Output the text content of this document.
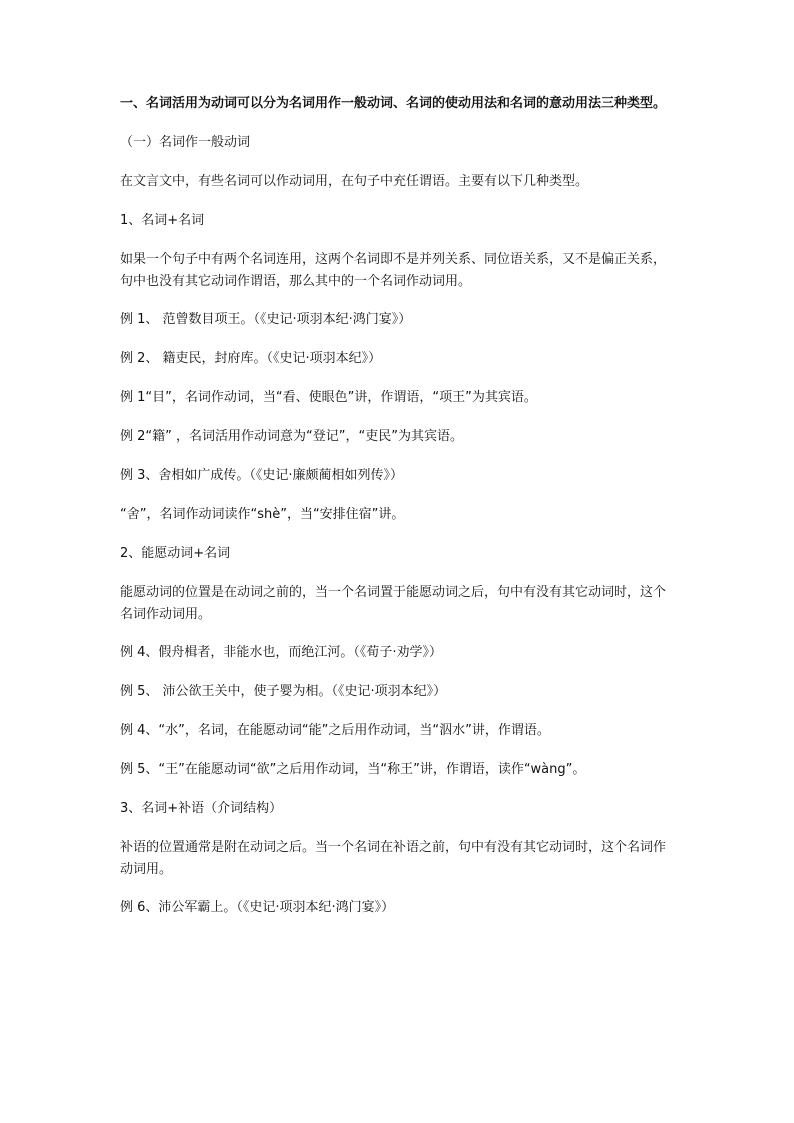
一、名词活用为动词可以分为名词用作一般动词、名词的使动用法和名词的意动用法三种类型。

（一）名词作一般动词

在文言文中，有些名词可以作动词用，在句子中充任谓语。主要有以下几种类型。

1、名词+名词

如果一个句子中有两个名词连用，这两个名词即不是并列关系、同位语关系，又不是偏正关系，句中也没有其它动词作谓语，那么其中的一个名词作动词用。

例 1、 范曾数目项王。（《史记·项羽本纪·鸿门宴》）

例 2、 籍吏民，封府库。（《史记·项羽本纪》）

例 1“目”，名词作动词，当“看、使眼色”讲，作谓语，“项王”为其宾语。

例 2“籍” ，名词活用作动词意为“登记”，“吏民”为其宾语。

例 3、舍相如广成传。（《史记·廉颇蔺相如列传》）

“舍”，名词作动词读作“shè”，当“安排住宿”讲。

2、能愿动词+名词

能愿动词的位置是在动词之前的，当一个名词置于能愿动词之后，句中有没有其它动词时，这个名词作动词用。

例 4、假舟楫者，非能水也，而绝江河。（《荀子·劝学》）

例 5、 沛公欲王关中，使子婴为相。（《史记·项羽本纪》）

例 4、“水”，名词，在能愿动词“能”之后用作动词，当“泅水”讲，作谓语。

例 5、“王”在能愿动词“欲”之后用作动词，当“称王”讲，作谓语，读作“wàng”。

3、名词+补语（介词结构）

补语的位置通常是附在动词之后。当一个名词在补语之前，句中有没有其它动词时，这个名词作动词用。

例 6、沛公军霸上。（《史记·项羽本纪·鸿门宴》）
